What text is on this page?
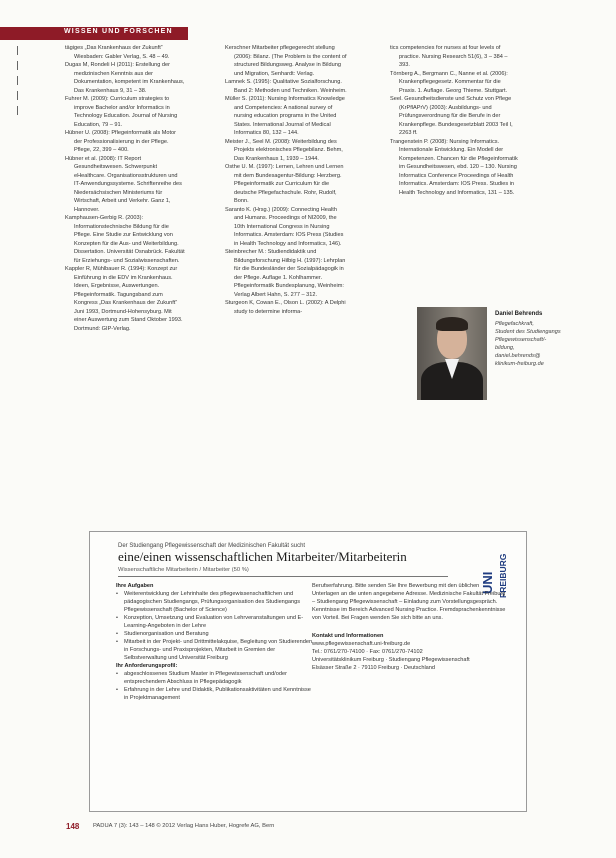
WISSEN UND FORSCHEN

tägiges „Das Krankenhaus der Zukunft“ Wiesbaden: Gabler Verlag, S. 48 – 49.

Dugas M, Rondeli H (2011): Erstellung der medizinischen Kenntnis aus der Dokumentation, kompetent im Krankenhaus, Das Krankenhaus 9, 31 – 38.

Fuhrer M. (2009): Curriculum strategies to improve Bachelor and/or Informatics in Technology Education. Journal of Nursing Education, 79 – 91.

Hübner U. (2008): Pflegeinformatik als Motor der Professionalisierung in der Pflege. Pflege, 22, 399 – 400.

Hübner et al. (2008): IT Report Gesundheitswesen. Schwerpunkt eHealthcare. Organisationsstrukturen und IT-Anwendungssysteme. Schriftenreihe des Niedersächsischen Ministeriums für Wirtschaft, Arbeit und Verkehr. Ganz 1, Hannover.

Kamphausen-Gerbig R. (2003): Informationstechnische Bildung für die Pflege. Eine Studie zur Entwicklung von Konzepten für die Aus- und Weiterbildung. Dissertation. Universität Osnabrück. Fakultät für Erziehungs- und Sozialwissenschaften.

Kappler R, Mühlbauer R. (1994): Konzept zur Einführung in die EDV im Krankenhaus. Ideen, Ergebnisse, Auswertungen. Pflegeinformatik. Tagungsband zum Kongress „Das Krankenhaus der Zukunft“ Juni 1993, Dortmund-Hohensyburg. Mit einer Auswertung zum Stand Oktober 1993. Dortmund: GIP-Verlag.

Kerschner Mitarbeiter pflegegerecht stellung (2006): Bilanz. (The Problem is the content of structured Bildungsweg. Analyse in Bildung und Migration, Senhardt: Verlag.

Lamnek S. (1995): Qualitative Sozialforschung. Band 2: Methoden und Techniken. Weinheim.

Müller S. (2011): Nursing Informatics Knowledge and Competencies: A national survey of nursing education programs in the United States. International Journal of Medical Informatics 80, 132 – 144.

Meister J., Seel M. (2008): Weiterbildung des Projekts elektronisches Pflegebilanz. Behm, Das Krankenhaus 1, 1939 – 1944.

Osthe U. M. (1997): Lernen, Lehren und Lernen mit dem Bundesagentur-Bildung: Herzberg. Pflegeinformatik zur Curriculum für die deutsche Pflegefachschule. Rohr, Rudolf, Bonn.

Saranto K. (Hrsg.) (2009): Connecting Health and Humans. Proceedings of NI2009, the 10th International Congress in Nursing Informatics. Amsterdam: IOS Press (Studies in Health Technology and Informatics, 146).

Steinbrecher M.: Studiendidaktik und Bildungsforschung Hilbig H. (1997): Lehrplan für die Bundesländer der Sozialpädagogik in der Pflege. Auflage 1. Kohlhammer. Pflegeinformatik Bundesplanung, Weinheim: Verlag Albert Hahn, S. 277 – 312.

Sturgeon K, Cowan E., Olson L. (2002): A Delphi study to determine informa-

tics competencies for nurses at four levels of practice. Nursing Research 51(6), 3 – 384 – 393.

Törnberg A., Bergmann C., Nanne et al. (2006): Krankenpflegegesetz. Kommentar für die Praxis. 1. Auflage. Georg Thieme. Stuttgart.

Seel. Gesundheitsdienste und Schutz von Pflege (KrPflAPrV) (2003): Ausbildungs- und Prüfungsverordnung für die Berufe in der Krankenpflege. Bundesgesetzblatt 2003 Teil I, 2263 ff.

Trangenstein P. (2008): Nursing Informatics. Internationale Entwicklung. Ein Modell der Kompetenzen. Chancen für die Pflegeinformatik im Gesundheitswesen, ebd. 120 – 130. Nursing Informatics Conference Proceedings of Health Informatics. Amsterdam: IOS Press. Studies in Health Technology and Informatics, 131 – 135.

Daniel Behrends
Pflegefachkraft,
Student des Studiengangs
Pflegewissenschaft/-
bildung,
daniel.behrends@
klinikum-freiburg.de
Der Studiengang Pflegewissenschaft der Medizinischen Fakultät sucht
eine/einen wissenschaftlichen Mitarbeiter/Mitarbeiterin
Wissenschaftliche Mitarbeiterin / Mitarbeiter (50 %)
UNI FREIBURG

Ihre Aufgaben

• Weiterentwicklung der Lehrinhalte des pflegewissenschaftlichen und pädagogischen Studiengangs, Prüfungsorganisation des Studiengangs Pflegewissenschaft (Bachelor of Science)
• Konzeption, Umsetzung und Evaluation von Lehrveranstaltungen und E-Learning-Angeboten in der Lehre
• Studienorganisation und Beratung
• Mitarbeit in der Projekt- und Drittmittelakquise, Begleitung von Studierenden in Forschungs- und Praxisprojekten, Mitarbeit in Gremien der Selbstverwaltung und Universität Freiburg

Ihr Anforderungsprofil:

• abgeschlossenes Studium Master in Pflegewissenschaft und/oder entsprechendem Abschluss in Pflegepädagogik
• Erfahrung in der Lehre und Didaktik, Publikationsaktivitäten und Kenntnisse in Projektmanagement

Berufserfahrung. Bitte senden Sie Ihre Bewerbung mit den üblichen Unterlagen an die unten angegebene Adresse. Medizinische Fakultät Freiburg – Studiengang Pflegewissenschaft – Einladung zum Vorstellungsgespräch. Kenntnisse im Bereich Advanced Nursing Practice. Fremdsprachenkenntnisse von Vorteil. Bei Fragen wenden Sie sich bitte an uns.

Kontakt und Informationen

www.pflegewissenschaft.uni-freiburg.de

Tel.: 0761/270-74100 · Fax: 0761/270-74102

Universitätsklinikum Freiburg · Studiengang Pflegewissenschaft

Elsässer Straße 2 · 79110 Freiburg · Deutschland

148 PADUA 7 (3): 143 – 148 © 2012 Verlag Hans Huber, Hogrefe AG, Bern
